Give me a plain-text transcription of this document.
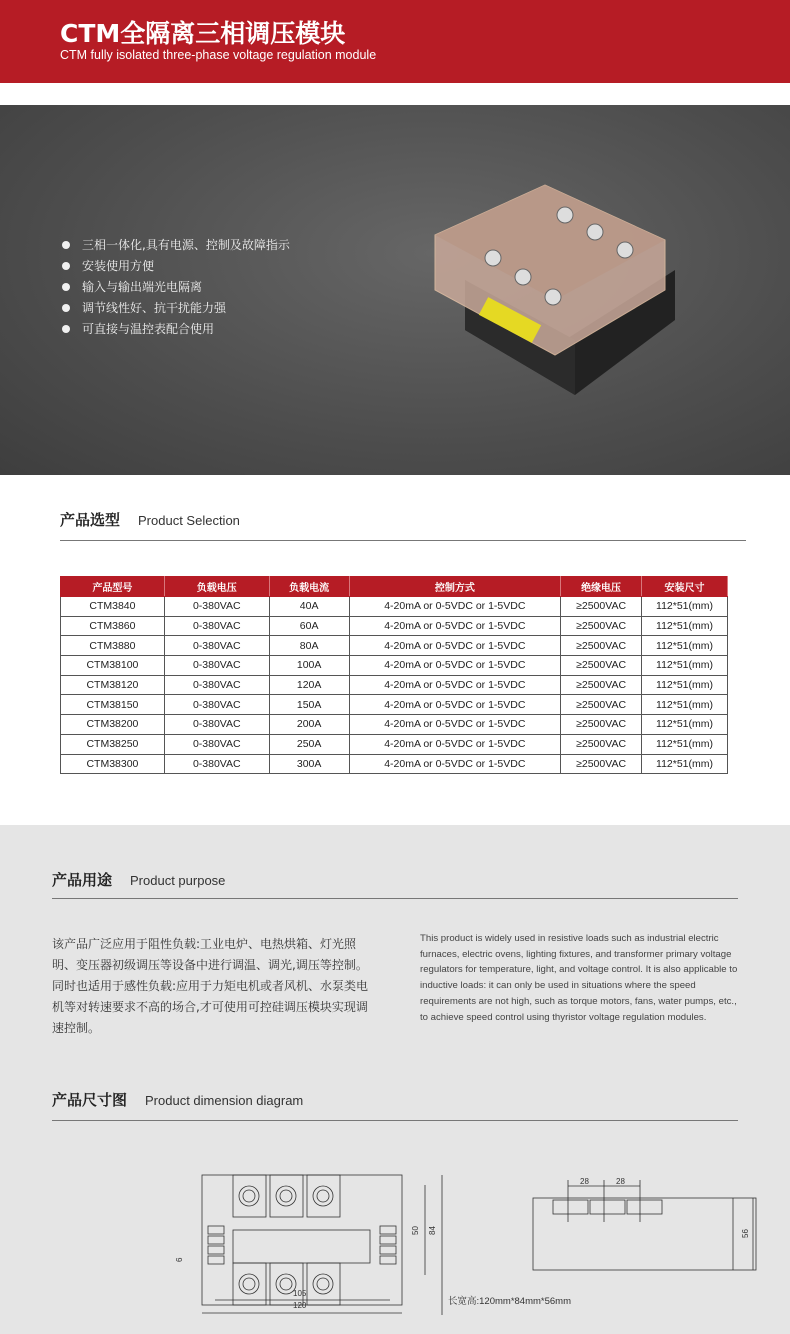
CTM全隔离三相调压模块

CTM fully isolated three-phase voltage regulation module

三相一体化,具有电源、控制及故障指示
安装使用方便
输入与输出端光电隔离
调节线性好、抗干扰能力强
可直接与温控表配合使用
产品选型 Product Selection
产品型号	负载电压	负载电流	控制方式	绝缘电压	安装尺寸
CTM3840	0-380VAC	40A	4-20mA or 0-5VDC or 1-5VDC	≥2500VAC	112*51(mm)
CTM3860	0-380VAC	60A	4-20mA or 0-5VDC or 1-5VDC	≥2500VAC	112*51(mm)
CTM3880	0-380VAC	80A	4-20mA or 0-5VDC or 1-5VDC	≥2500VAC	112*51(mm)
CTM38100	0-380VAC	100A	4-20mA or 0-5VDC or 1-5VDC	≥2500VAC	112*51(mm)
CTM38120	0-380VAC	120A	4-20mA or 0-5VDC or 1-5VDC	≥2500VAC	112*51(mm)
CTM38150	0-380VAC	150A	4-20mA or 0-5VDC or 1-5VDC	≥2500VAC	112*51(mm)
CTM38200	0-380VAC	200A	4-20mA or 0-5VDC or 1-5VDC	≥2500VAC	112*51(mm)
CTM38250	0-380VAC	250A	4-20mA or 0-5VDC or 1-5VDC	≥2500VAC	112*51(mm)
CTM38300	0-380VAC	300A	4-20mA or 0-5VDC or 1-5VDC	≥2500VAC	112*51(mm)
产品用途 Product purpose
该产品广泛应用于阻性负载:工业电炉、电热烘箱、灯光照明、变压器初级调压等设备中进行调温、调光,调压等控制。同时也适用于感性负载:应用于力矩电机或者风机、水泵类电机等对转速要求不高的场合,才可使用可控硅调压模块实现调速控制。
This product is widely used in resistive loads such as industrial electric furnaces, electric ovens, lighting fixtures, and transformer primary voltage regulators for temperature, light, and voltage control. It is also applicable to inductive loads: it can only be used in situations where the speed requirements are not high, such as torque motors, fans, water pumps, etc., to achieve speed control using thyristor voltage regulation modules.
产品尺寸图 Product dimension diagram
105
120
50 84
6
28	28
56
长宽高:120mm*84mm*56mm
